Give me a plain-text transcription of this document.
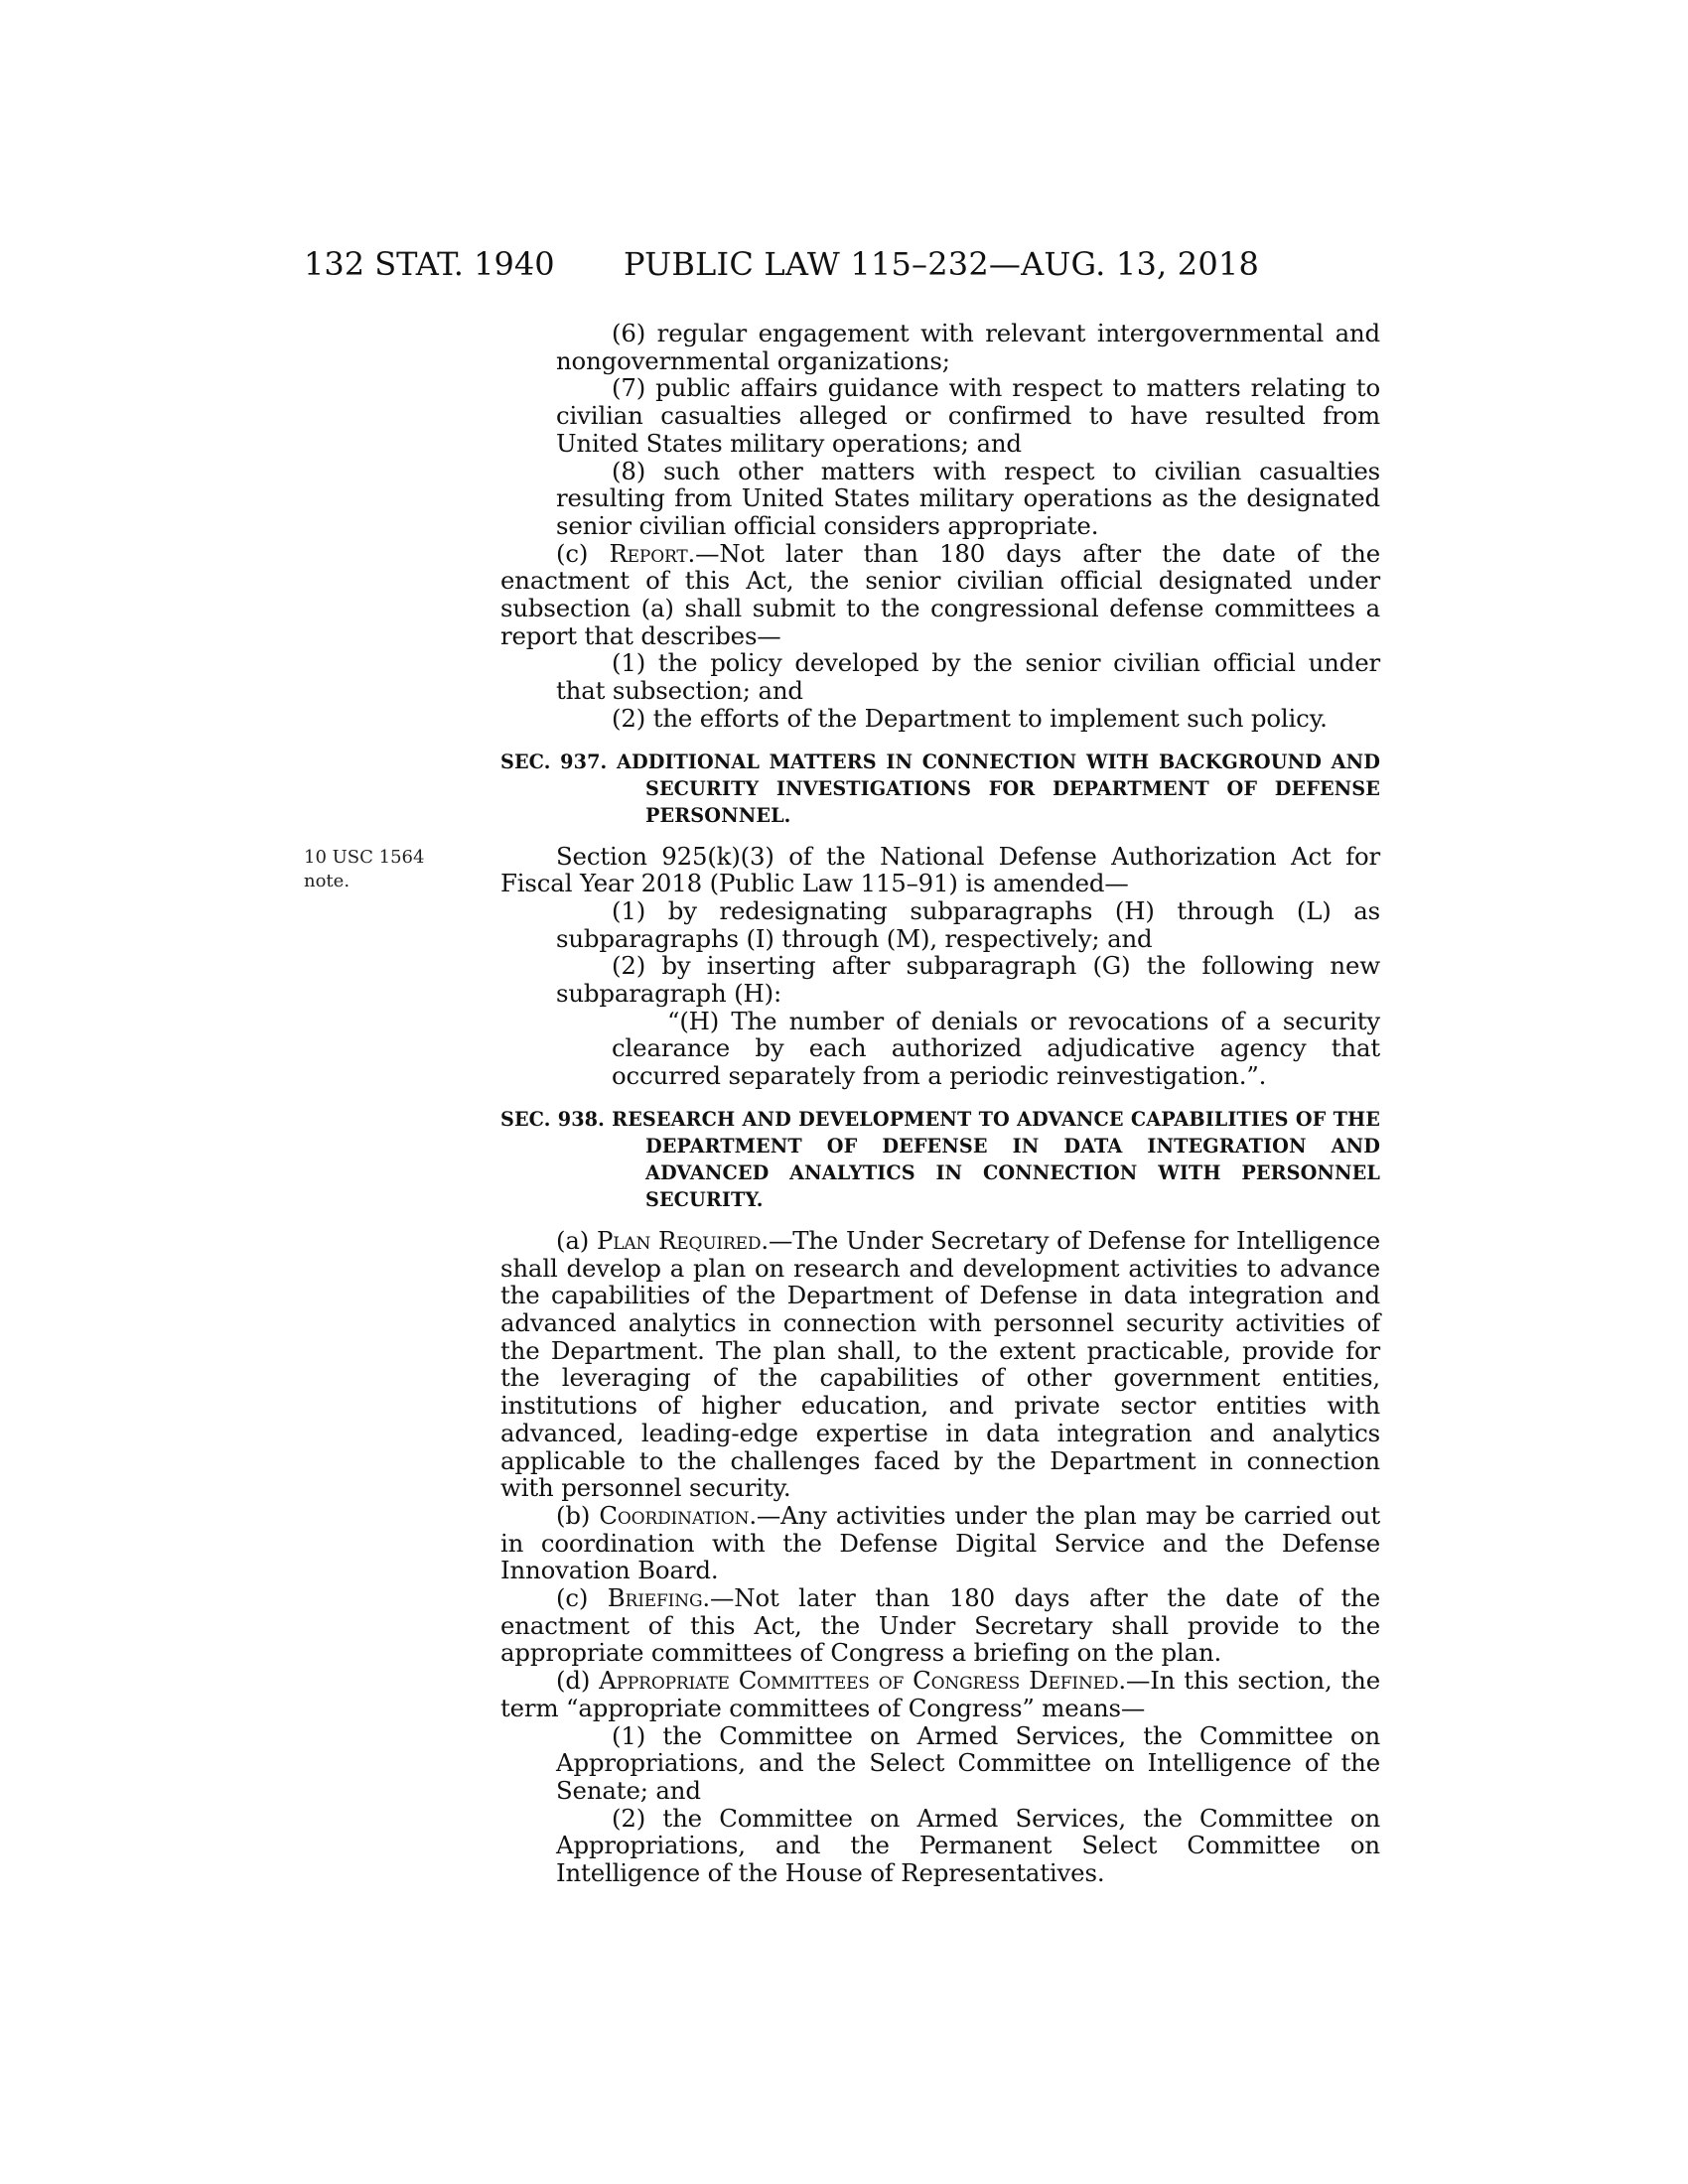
132 STAT. 1940 PUBLIC LAW 115–232—AUG. 13, 2018
10 USC 1564
note.

(6) regular engagement with relevant intergovernmental and nongovernmental organizations;

(7) public affairs guidance with respect to matters relating to civilian casualties alleged or confirmed to have resulted from United States military operations; and

(8) such other matters with respect to civilian casualties resulting from United States military operations as the designated senior civilian official considers appropriate.

(c) Report.—Not later than 180 days after the date of the enactment of this Act, the senior civilian official designated under subsection (a) shall submit to the congressional defense committees a report that describes—

(1) the policy developed by the senior civilian official under that subsection; and

(2) the efforts of the Department to implement such policy.

SEC. 937. ADDITIONAL MATTERS IN CONNECTION WITH BACKGROUND AND SECURITY INVESTIGATIONS FOR DEPARTMENT OF DEFENSE PERSONNEL.

Section 925(k)(3) of the National Defense Authorization Act for Fiscal Year 2018 (Public Law 115–91) is amended—

(1) by redesignating subparagraphs (H) through (L) as subparagraphs (I) through (M), respectively; and

(2) by inserting after subparagraph (G) the following new subparagraph (H):

“(H) The number of denials or revocations of a security clearance by each authorized adjudicative agency that occurred separately from a periodic reinvestigation.”.

SEC. 938. RESEARCH AND DEVELOPMENT TO ADVANCE CAPABILITIES OF THE DEPARTMENT OF DEFENSE IN DATA INTEGRATION AND ADVANCED ANALYTICS IN CONNECTION WITH PERSONNEL SECURITY.

(a) Plan Required.—The Under Secretary of Defense for Intelligence shall develop a plan on research and development activities to advance the capabilities of the Department of Defense in data integration and advanced analytics in connection with personnel security activities of the Department. The plan shall, to the extent practicable, provide for the leveraging of the capabilities of other government entities, institutions of higher education, and private sector entities with advanced, leading-edge expertise in data integration and analytics applicable to the challenges faced by the Department in connection with personnel security.

(b) Coordination.—Any activities under the plan may be carried out in coordination with the Defense Digital Service and the Defense Innovation Board.

(c) Briefing.—Not later than 180 days after the date of the enactment of this Act, the Under Secretary shall provide to the appropriate committees of Congress a briefing on the plan.

(d) Appropriate Committees of Congress Defined.—In this section, the term “appropriate committees of Congress” means—

(1) the Committee on Armed Services, the Committee on Appropriations, and the Select Committee on Intelligence of the Senate; and

(2) the Committee on Armed Services, the Committee on Appropriations, and the Permanent Select Committee on Intelligence of the House of Representatives.
